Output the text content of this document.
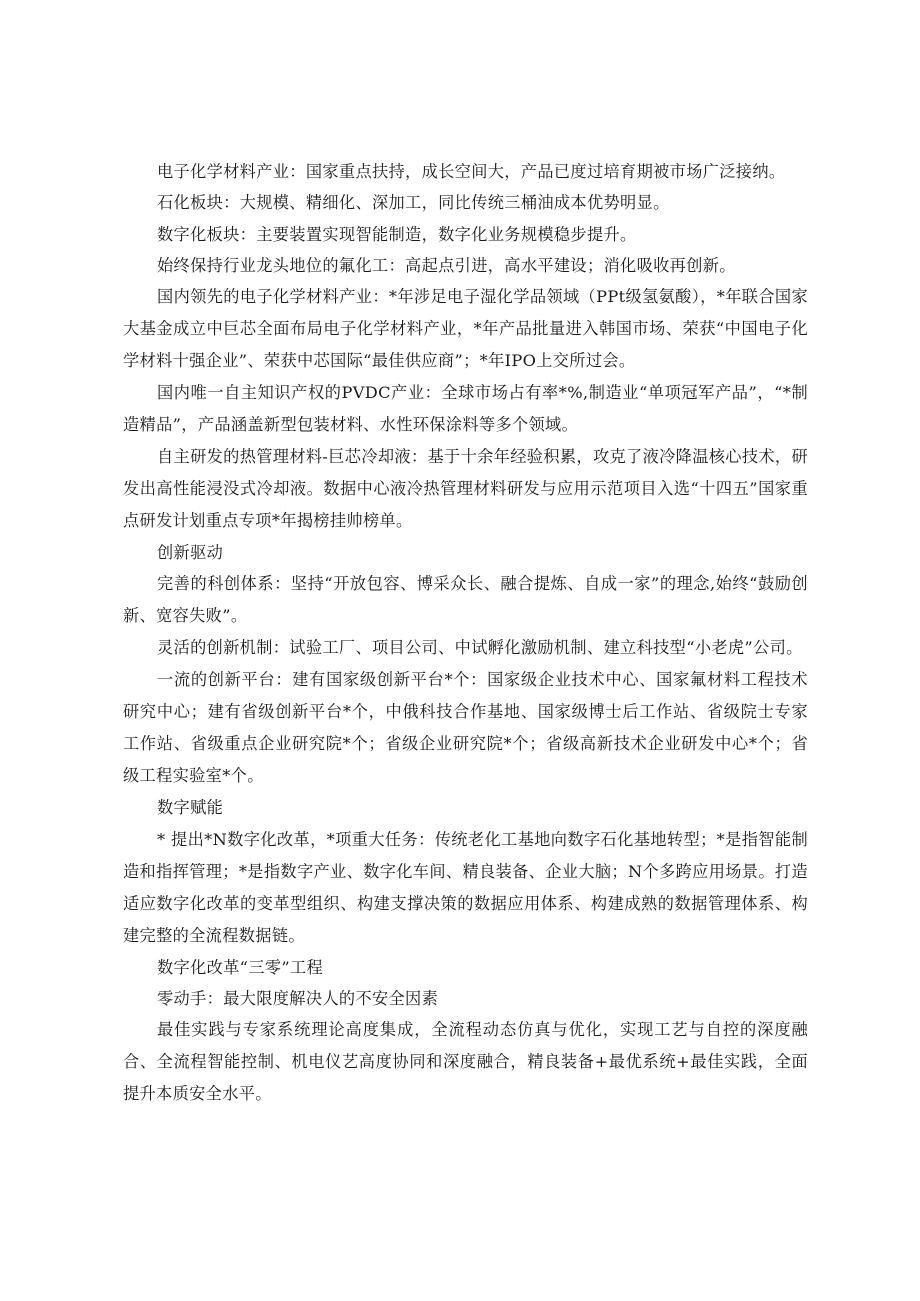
电子化学材料产业：国家重点扶持，成长空间大，产品已度过培育期被市场广泛接纳。

石化板块：大规模、精细化、深加工，同比传统三桶油成本优势明显。

数字化板块：主要装置实现智能制造，数字化业务规模稳步提升。

始终保持行业龙头地位的氟化工：高起点引进，高水平建设；消化吸收再创新。

国内领先的电子化学材料产业：*年涉足电子湿化学品领域（PPt级氢氨酸），*年联合国家大基金成立中巨芯全面布局电子化学材料产业，*年产品批量进入韩国市场、荣获“中国电子化学材料十强企业”、荣获中芯国际“最佳供应商”；*年IPO上交所过会。

国内唯一自主知识产权的PVDC产业：全球市场占有率*%,制造业“单项冠军产品”，“*制造精品”，产品涵盖新型包装材料、水性环保涂料等多个领域。

自主研发的热管理材料-巨芯冷却液：基于十余年经验积累，攻克了液冷降温核心技术，研发出高性能浸没式冷却液。数据中心液冷热管理材料研发与应用示范项目入选“十四五”国家重点研发计划重点专项*年揭榜挂帅榜单。

创新驱动

完善的科创体系：坚持“开放包容、博采众长、融合提炼、自成一家”的理念,始终“鼓励创新、宽容失败”。

灵活的创新机制：试验工厂、项目公司、中试孵化激励机制、建立科技型“小老虎”公司。

一流的创新平台：建有国家级创新平台*个：国家级企业技术中心、国家氟材料工程技术研究中心；建有省级创新平台*个，中俄科技合作基地、国家级博士后工作站、省级院士专家工作站、省级重点企业研究院*个；省级企业研究院*个；省级高新技术企业研发中心*个；省级工程实验室*个。

数字赋能

* 提出*N数字化改革，*项重大任务：传统老化工基地向数字石化基地转型；*是指智能制造和指挥管理；*是指数字产业、数字化车间、精良装备、企业大脑；N个多跨应用场景。打造适应数字化改革的变革型组织、构建支撑决策的数据应用体系、构建成熟的数据管理体系、构建完整的全流程数据链。

数字化改革“三零”工程

零动手：最大限度解决人的不安全因素

最佳实践与专家系统理论高度集成，全流程动态仿真与优化，实现工艺与自控的深度融合、全流程智能控制、机电仪艺高度协同和深度融合，精良装备+最优系统+最佳实践，全面提升本质安全水平。
